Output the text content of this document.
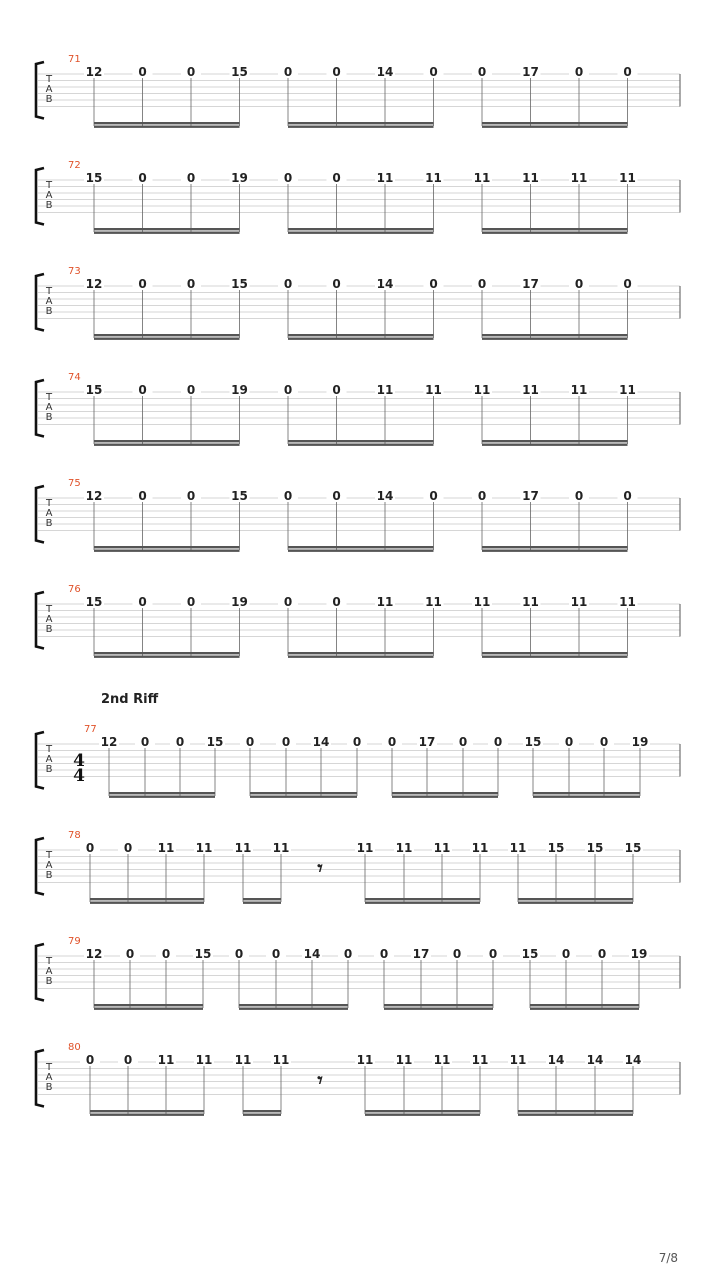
2nd Riff
T
A
B
71
12	0	0	15	0	0	14	0	0	17	0	0
T
A
B
72
15	0	0	19	0	0	11	11	11	11	11	11
T
A
B
73
12	0	0	15	0	0	14	0	0	17	0	0
T
A
B
74
15	0	0	19	0	0	11	11	11	11	11	11
T
A
B
75
12	0	0	15	0	0	14	0	0	17	0	0
T
A
B
76
15	0	0	19	0	0	11	11	11	11	11	11
T
A
B
77
4
4
12 0 0 15 0 0 14 0 0 17 0 0 15 0 0 19
T
A
B
78
0 0 11 11 11 11	11 11 11 11 11 15 15 15
𝄾
T
A
B
79
12 0 0 15 0 0 14 0 0 17 0 0 15 0 0 19
T
A
B
80
0 0 11 11 11 11	11 11 11 11 11 14 14 14
𝄾
7/8
